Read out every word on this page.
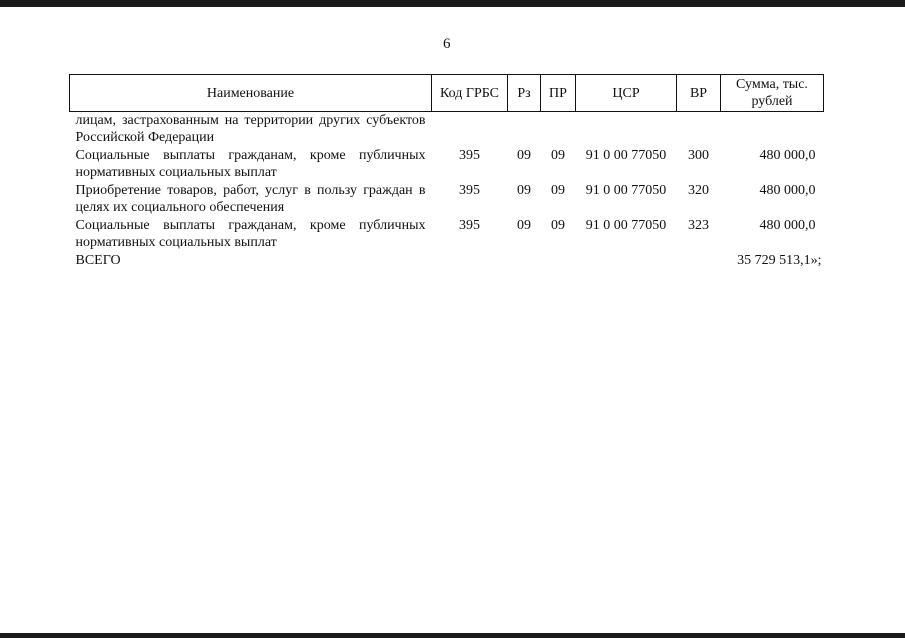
6
Наименование	Код ГРБС	Рз	ПР	ЦСР	ВР	Сумма, тыс. рублей
лицам, застрахованным на территории других субъектов Российской Федерации						
Социальные выплаты гражданам, кроме публичных нормативных социальных выплат	395	09	09	91 0 00 77050	300	480 000,0
Приобретение товаров, работ, услуг в пользу граждан в целях их социального обеспечения	395	09	09	91 0 00 77050	320	480 000,0
Социальные выплаты гражданам, кроме публичных нормативных социальных выплат	395	09	09	91 0 00 77050	323	480 000,0
ВСЕГО						35 729 513,1»;
